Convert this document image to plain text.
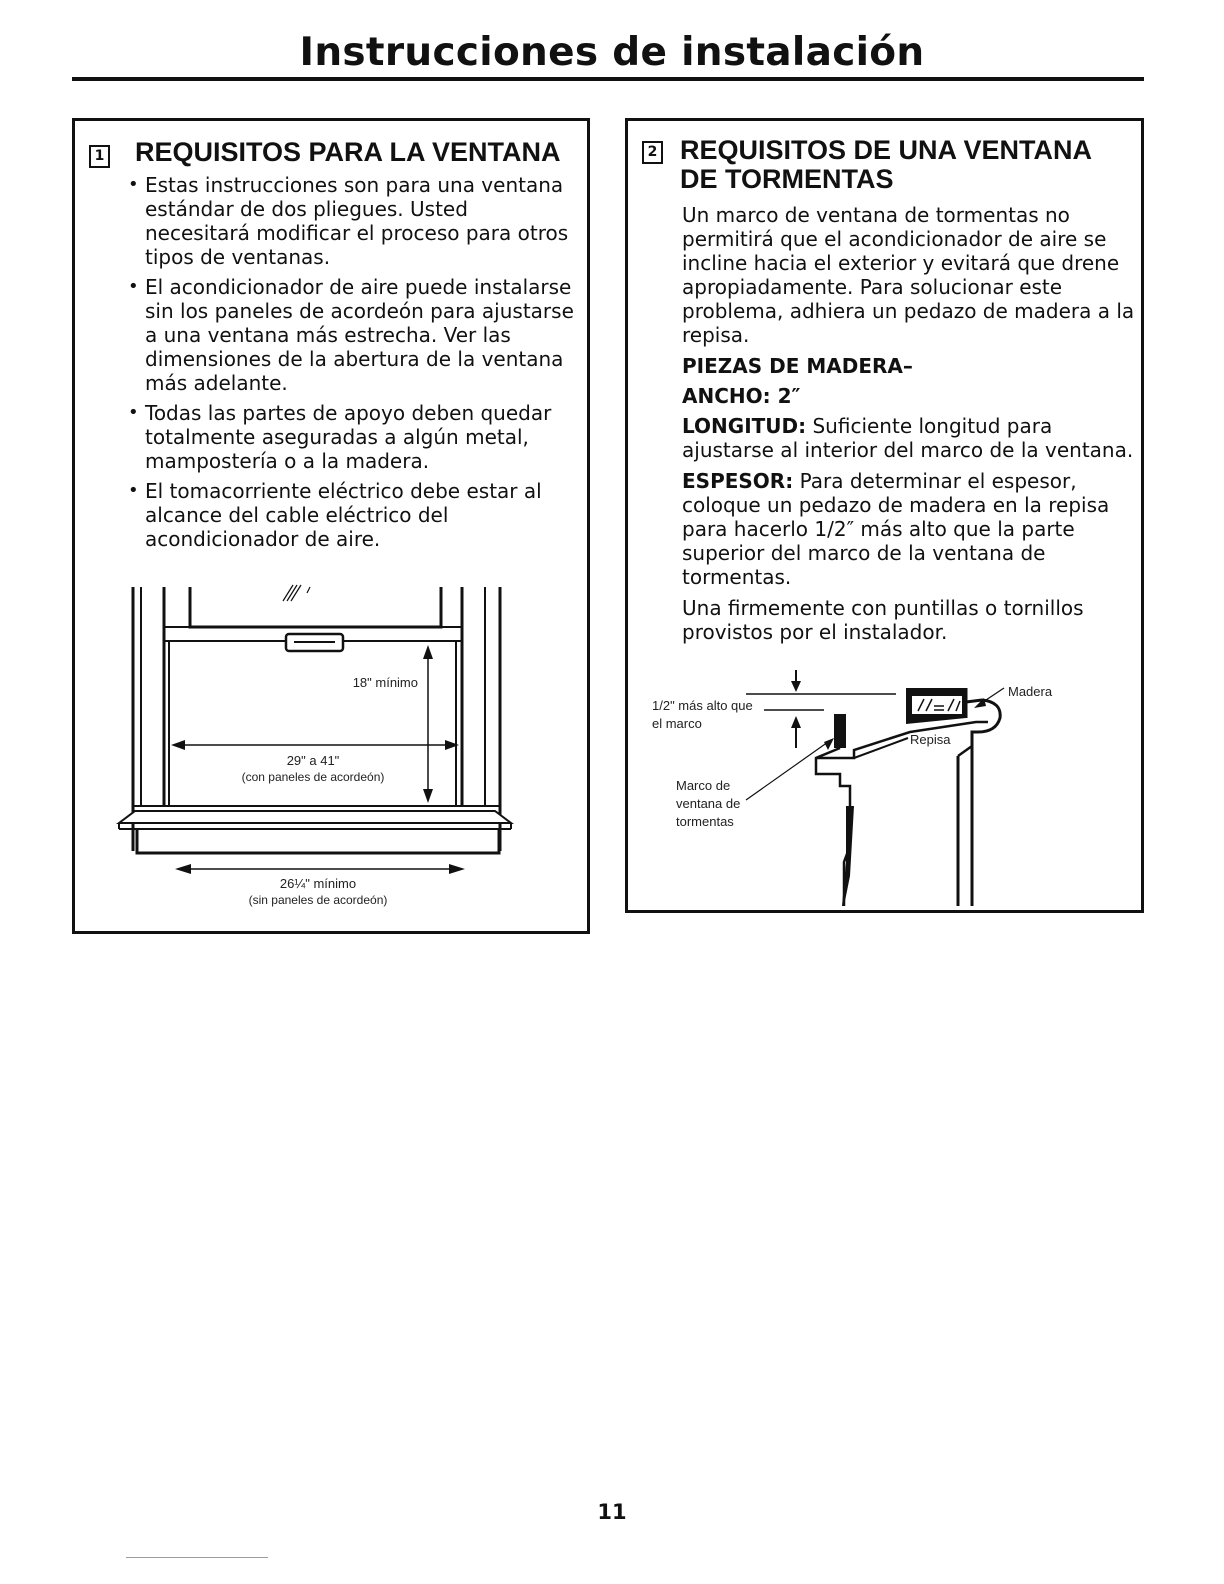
Instrucciones de instalación
1 REQUISITOS PARA LA VENTANA
• Estas instrucciones son para una ventana estándar de dos pliegues. Usted necesitará modificar el proceso para otros tipos de ventanas.
• El acondicionador de aire puede instalarse sin los paneles de acordeón para ajustarse a una ventana más estrecha. Ver las dimensiones de la abertura de la ventana más adelante.
• Todas las partes de apoyo deben quedar totalmente aseguradas a algún metal, mampostería o a la madera.
• El tomacorriente eléctrico debe estar al alcance del cable eléctrico del acondicionador de aire.
18" mínimo
29" a 41"
(con paneles de acordeón)
26¼" mínimo
(sin paneles de acordeón)
2 REQUISITOS DE UNA VENTANA
DE TORMENTAS

Un marco de ventana de tormentas no permitirá que el acondicionador de aire se incline hacia el exterior y evitará que drene apropiadamente. Para solucionar este problema, adhiera un pedazo de madera a la repisa.

PIEZAS DE MADERA–

ANCHO: 2″

LONGITUD: Suficiente longitud para ajustarse al interior del marco de la ventana.

ESPESOR: Para determinar el espesor, coloque un pedazo de madera en la repisa para hacerlo 1/2″ más alto que la parte superior del marco de la ventana de tormentas.

Una firmemente con puntillas o tornillos provistos por el instalador.

1/2" más alto que
el marco
Madera
Repisa
Marco de
ventana de
tormentas
11
